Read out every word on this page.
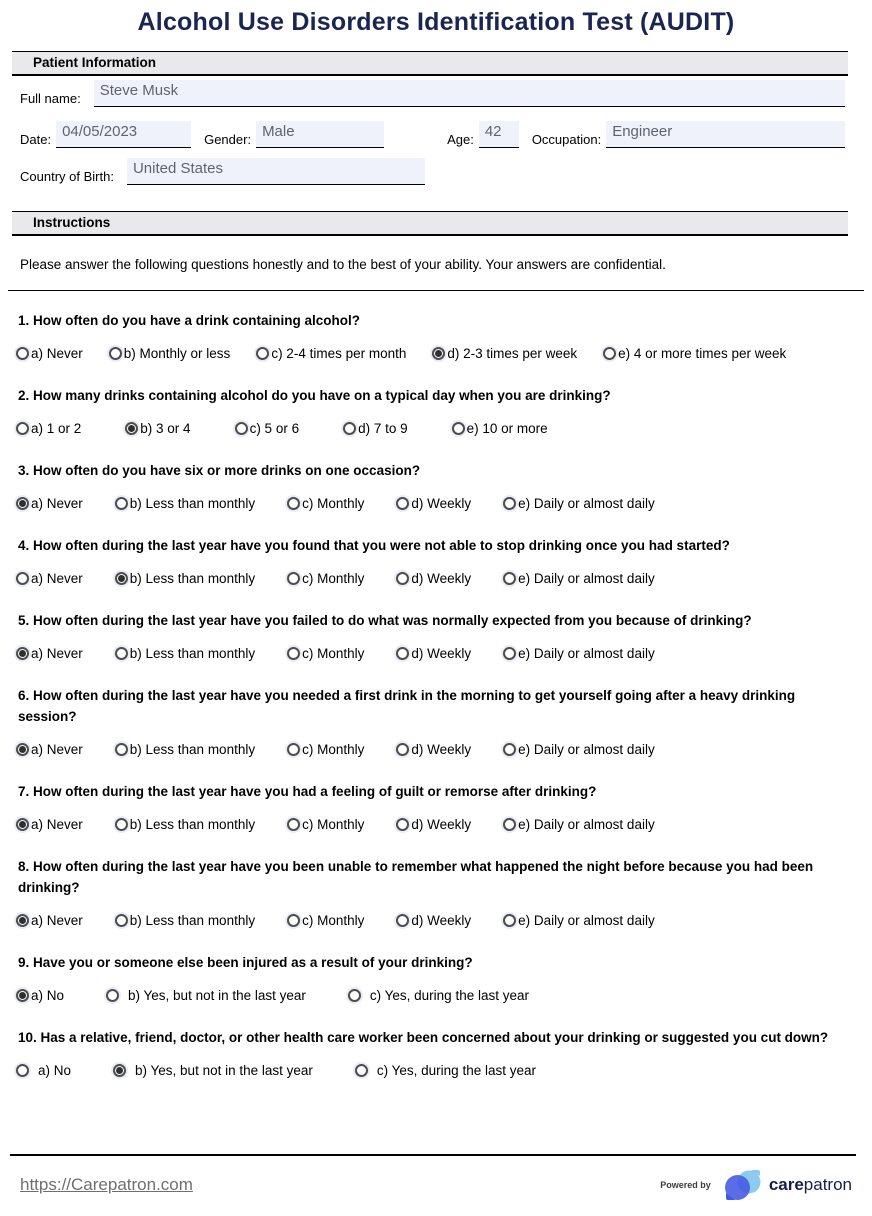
Alcohol Use Disorders Identification Test (AUDIT)
Patient Information
Full name:	Steve Musk
Date: 04/05/2023	Gender: Male	Age: 42	Occupation: Engineer
Country of Birth:	United States
Instructions

Please answer the following questions honestly and to the best of your ability. Your answers are confidential.

1. How often do you have a drink containing alcohol?
a) Never	b) Monthly or less	c) 2-4 times per month	d) 2-3 times per week	e) 4 or more times per week
2. How many drinks containing alcohol do you have on a typical day when you are drinking?
a) 1 or 2	b) 3 or 4	c) 5 or 6	d) 7 to 9	e) 10 or more
3. How often do you have six or more drinks on one occasion?
a) Never	b) Less than monthly	c) Monthly	d) Weekly	e) Daily or almost daily
4. How often during the last year have you found that you were not able to stop drinking once you had started?
a) Never	b) Less than monthly	c) Monthly	d) Weekly	e) Daily or almost daily
5. How often during the last year have you failed to do what was normally expected from you because of drinking?
a) Never	b) Less than monthly	c) Monthly	d) Weekly	e) Daily or almost daily
6. How often during the last year have you needed a first drink in the morning to get yourself going after a heavy drinking session?
a) Never	b) Less than monthly	c) Monthly	d) Weekly	e) Daily or almost daily
7. How often during the last year have you had a feeling of guilt or remorse after drinking?
a) Never	b) Less than monthly	c) Monthly	d) Weekly	e) Daily or almost daily
8. How often during the last year have you been unable to remember what happened the night before because you had been drinking?
a) Never	b) Less than monthly	c) Monthly	d) Weekly	e) Daily or almost daily
9. Have you or someone else been injured as a result of your drinking?
a) No	b) Yes, but not in the last year	c) Yes, during the last year
10. Has a relative, friend, doctor, or other health care worker been concerned about your drinking or suggested you cut down?
a) No	b) Yes, but not in the last year	c) Yes, during the last year
https://Carepatron.com	Powered by	carepatron
